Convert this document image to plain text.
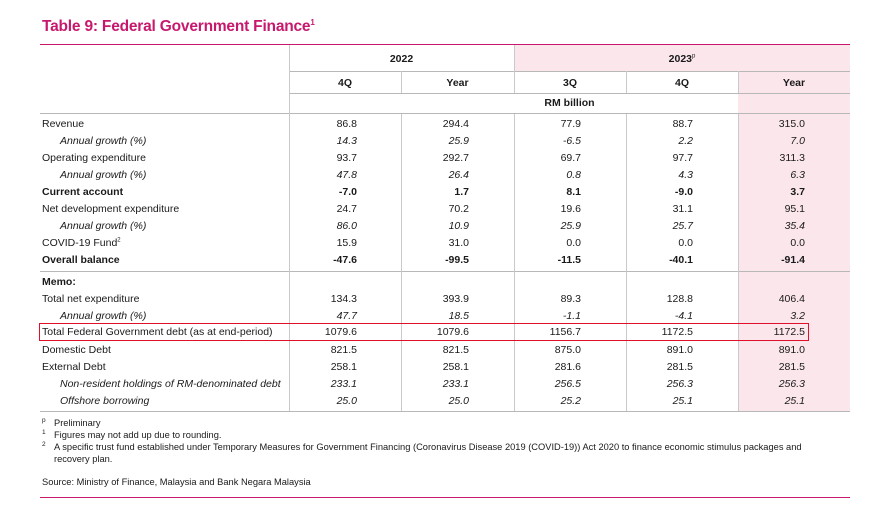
Table 9: Federal Government Finance$^1$
2022	2023$^p$
4Q	Year	3Q	4Q	Year
RM billion
Revenue	86.8	294.4	77.9	88.7	315.0
Annual growth (%)	14.3	25.9	-6.5	2.2	7.0
Operating expenditure	93.7	292.7	69.7	97.7	311.3
Annual growth (%)	47.8	26.4	0.8	4.3	6.3
Current account	-7.0	1.7	8.1	-9.0	3.7
Net development expenditure	24.7	70.2	19.6	31.1	95.1
Annual growth (%)	86.0	10.9	25.9	25.7	35.4
COVID-19 Fund$^2$	15.9	31.0	0.0	0.0	0.0
Overall balance	-47.6	-99.5	-11.5	-40.1	-91.4
Memo:
Total net expenditure	134.3	393.9	89.3	128.8	406.4
Annual growth (%)	47.7	18.5	-1.1	-4.1	3.2
Total Federal Government debt (as at end-period)	1079.6	1079.6	1156.7	1172.5	1172.5
Domestic Debt	821.5	821.5	875.0	891.0	891.0
External Debt	258.1	258.1	281.6	281.5	281.5
Non-resident holdings of RM-denominated debt	233.1	233.1	256.5	256.3	256.3
Offshore borrowing	25.0	25.0	25.2	25.1	25.1
p Preliminary
1 Figures may not add up due to rounding.
2 A specific trust fund established under Temporary Measures for Government Financing (Coronavirus Disease 2019 (COVID-19)) Act 2020 to finance economic stimulus packages and recovery plan.
Source: Ministry of Finance, Malaysia and Bank Negara Malaysia
